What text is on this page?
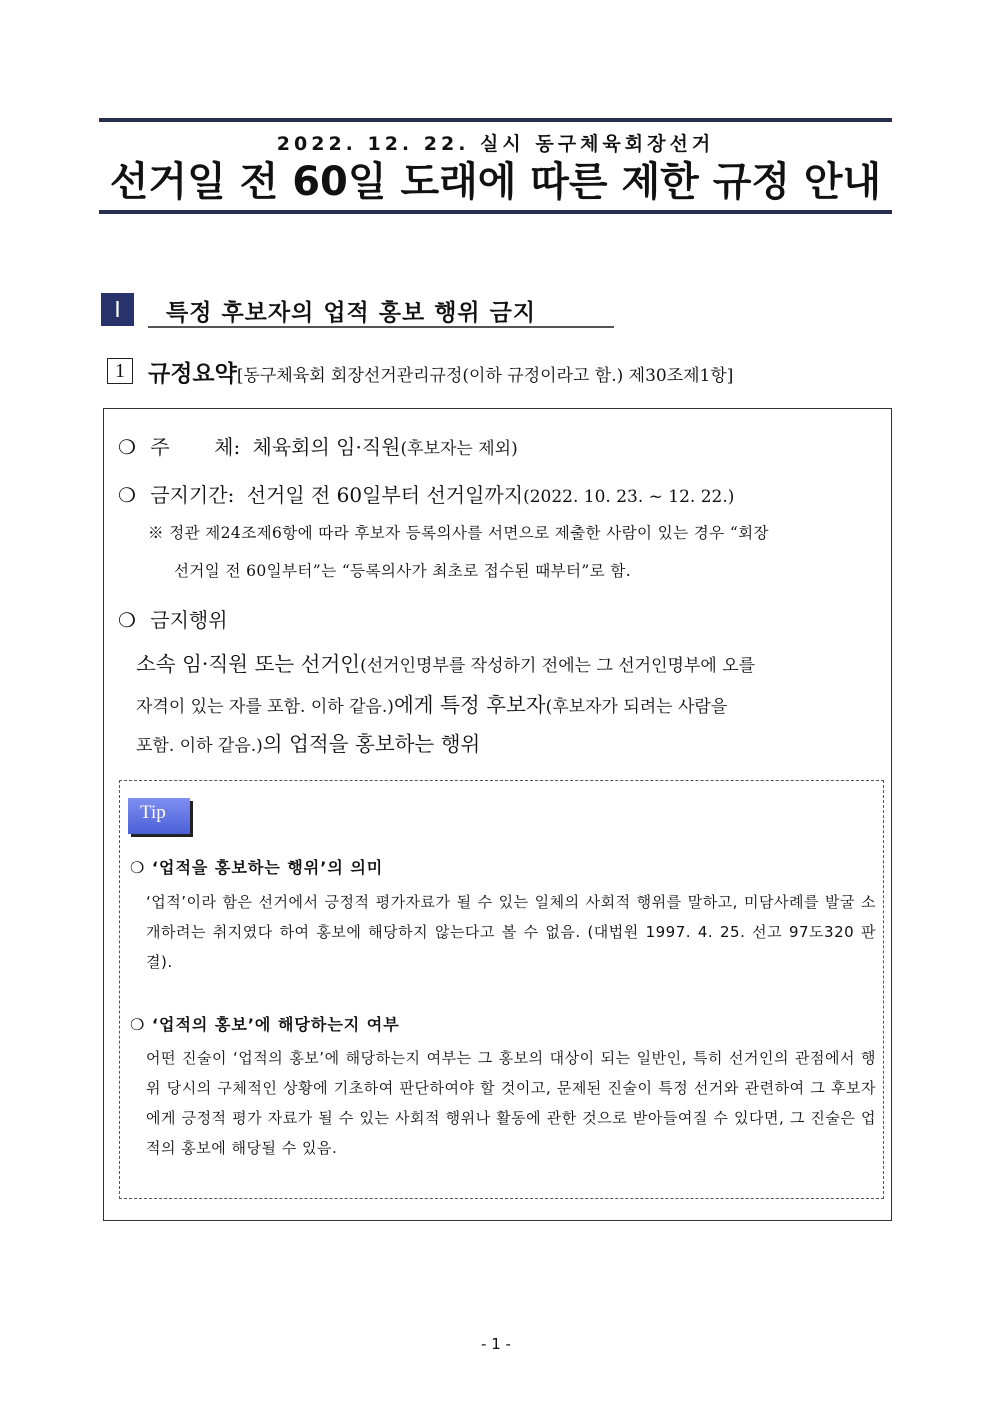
2022. 12. 22. 실시 동구체육회장선거
선거일 전 60일 도래에 따른 제한 규정 안내
Ⅰ	특정 후보자의 업적 홍보 행위 금지
1	규정요약[동구체육회 회장선거관리규정(이하 규정이라고 함.) 제30조제1항]
❍ 주       체: 체육회의 임·직원(후보자는 제외)
❍ 금지기간: 선거일 전 60일부터 선거일까지(2022. 10. 23. ~ 12. 22.)
※ 정관 제24조제6항에 따라 후보자 등록의사를 서면으로 제출한 사람이 있는 경우 “회장
선거일 전 60일부터”는 “등록의사가 최초로 접수된 때부터”로 함.
❍ 금지행위
소속 임·직원 또는 선거인(선거인명부를 작성하기 전에는 그 선거인명부에 오를
자격이 있는 자를 포함. 이하 같음.)에게 특정 후보자(후보자가 되려는 사람을
포함. 이하 같음.)의 업적을 홍보하는 행위
Tip
❍ ‘업적을 홍보하는 행위’의 의미
‘업적’이라 함은 선거에서 긍정적 평가자료가 될 수 있는 일체의 사회적 행위를 말하고, 미담사례를 발굴 소개하려는 취지였다 하여 홍보에 해당하지 않는다고 볼 수 없음. (대법원 1997. 4. 25. 선고 97도320 판결).
❍ ‘업적의 홍보’에 해당하는지 여부
어떤 진술이 ‘업적의 홍보’에 해당하는지 여부는 그 홍보의 대상이 되는 일반인, 특히 선거인의 관점에서 행위 당시의 구체적인 상황에 기초하여 판단하여야 할 것이고, 문제된 진술이 특정 선거와 관련하여 그 후보자에게 긍정적 평가 자료가 될 수 있는 사회적 행위나 활동에 관한 것으로 받아들여질 수 있다면, 그 진술은 업적의 홍보에 해당될 수 있음.
- 1 -
